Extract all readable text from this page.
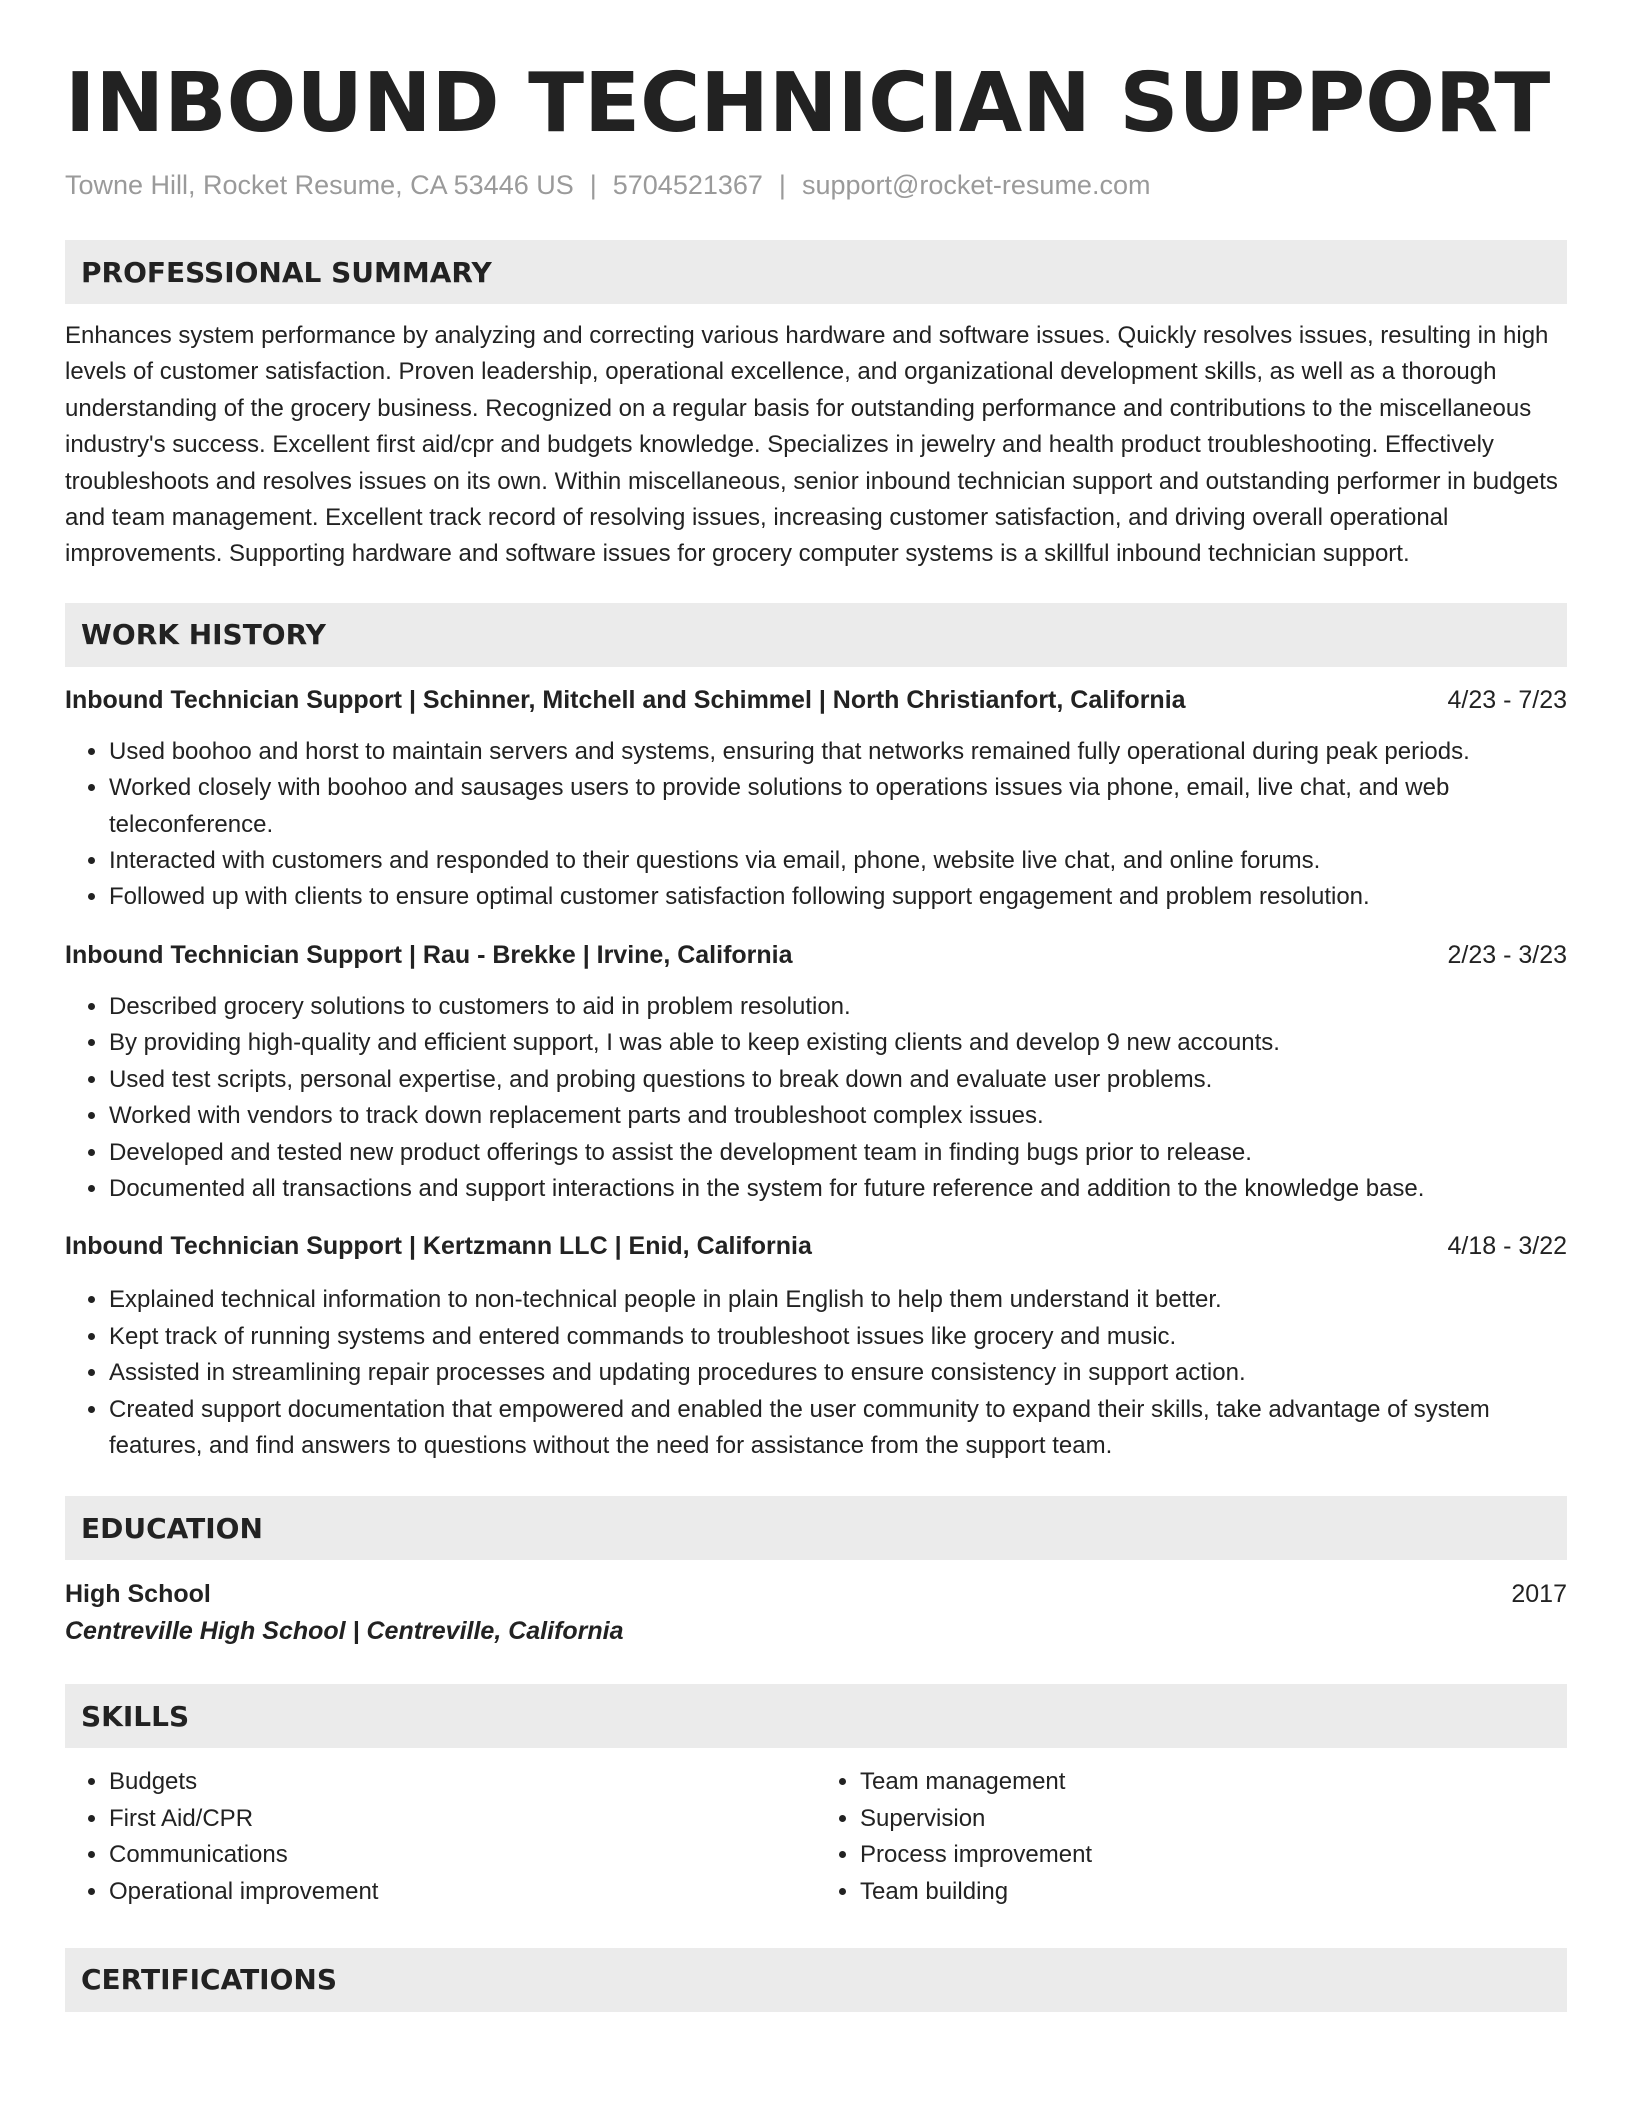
INBOUND TECHNICIAN SUPPORT
Towne Hill, Rocket Resume, CA 53446 US | 5704521367 | support@rocket-resume.com
PROFESSIONAL SUMMARY

Enhances system performance by analyzing and correcting various hardware and software issues. Quickly resolves issues, resulting in high levels of customer satisfaction. Proven leadership, operational excellence, and organizational development skills, as well as a thorough understanding of the grocery business. Recognized on a regular basis for outstanding performance and contributions to the miscellaneous industry's success. Excellent first aid/cpr and budgets knowledge. Specializes in jewelry and health product troubleshooting. Effectively troubleshoots and resolves issues on its own. Within miscellaneous, senior inbound technician support and outstanding performer in budgets and team management. Excellent track record of resolving issues, increasing customer satisfaction, and driving overall operational improvements. Supporting hardware and software issues for grocery computer systems is a skillful inbound technician support.

WORK HISTORY
Inbound Technician Support | Schinner, Mitchell and Schimmel | North Christianfort, California	4/23 - 7/23
• Used boohoo and horst to maintain servers and systems, ensuring that networks remained fully operational during peak periods.
• Worked closely with boohoo and sausages users to provide solutions to operations issues via phone, email, live chat, and web teleconference.
• Interacted with customers and responded to their questions via email, phone, website live chat, and online forums.
• Followed up with clients to ensure optimal customer satisfaction following support engagement and problem resolution.
Inbound Technician Support | Rau - Brekke | Irvine, California	2/23 - 3/23
• Described grocery solutions to customers to aid in problem resolution.
• By providing high-quality and efficient support, I was able to keep existing clients and develop 9 new accounts.
• Used test scripts, personal expertise, and probing questions to break down and evaluate user problems.
• Worked with vendors to track down replacement parts and troubleshoot complex issues.
• Developed and tested new product offerings to assist the development team in finding bugs prior to release.
• Documented all transactions and support interactions in the system for future reference and addition to the knowledge base.
Inbound Technician Support | Kertzmann LLC | Enid, California	4/18 - 3/22
• Explained technical information to non-technical people in plain English to help them understand it better.
• Kept track of running systems and entered commands to troubleshoot issues like grocery and music.
• Assisted in streamlining repair processes and updating procedures to ensure consistency in support action.
• Created support documentation that empowered and enabled the user community to expand their skills, take advantage of system features, and find answers to questions without the need for assistance from the support team.
EDUCATION
High School	2017
Centreville High School | Centreville, California
SKILLS
• Budgets
• First Aid/CPR
• Communications
• Operational improvement
• Team management
• Supervision
• Process improvement
• Team building
CERTIFICATIONS
